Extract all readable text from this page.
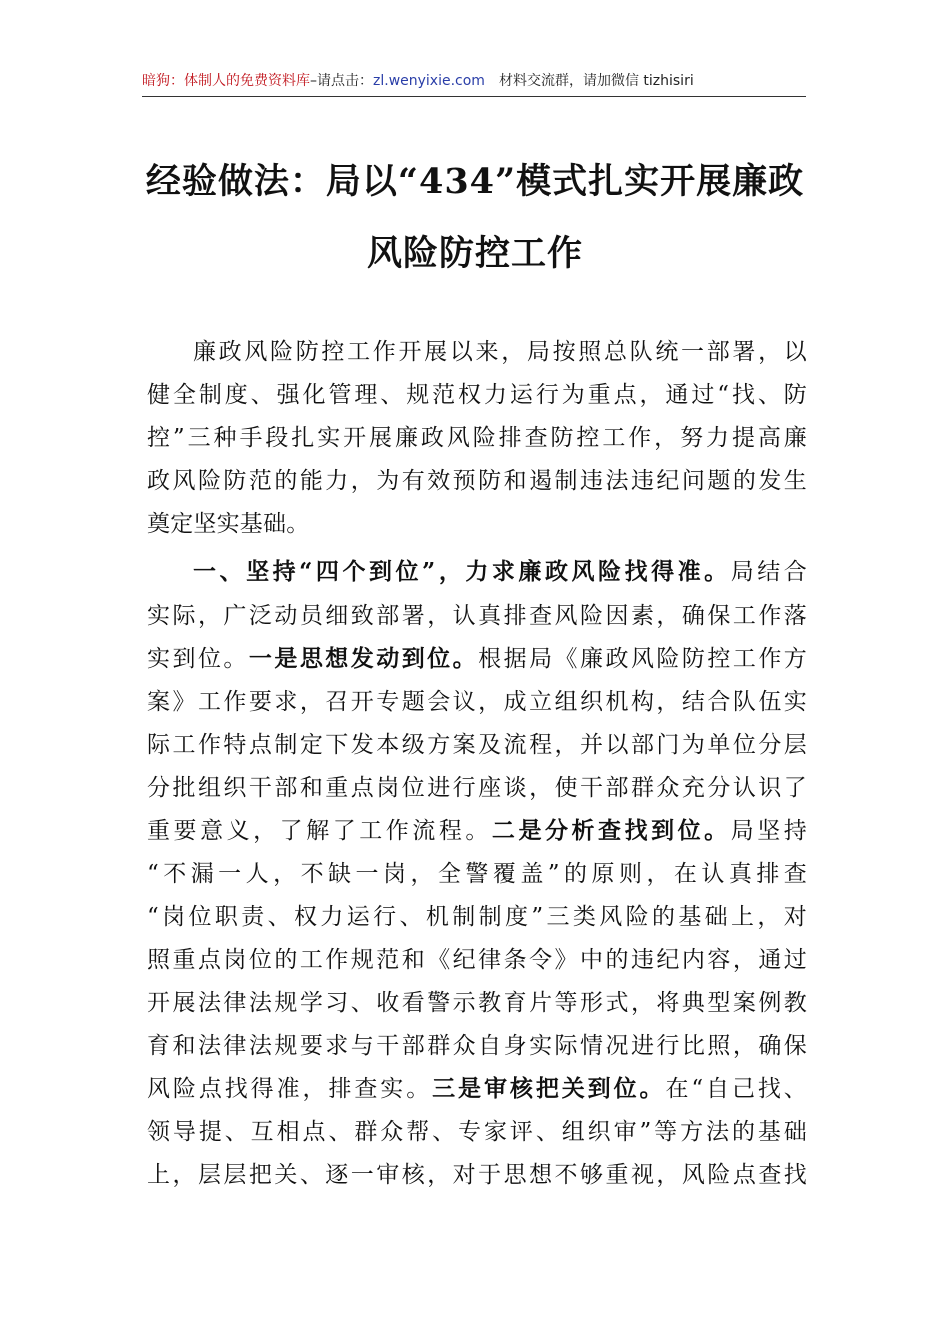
暗狗：体制人的免费资料库–请点击：zl.wenyixie.com 材料交流群，请加微信 tizhisiri
经验做法：局以“434”模式扎实开展廉政
风险防控工作
廉政风险防控工作开展以来，局按照总队统一部署，以
健全制度、强化管理、规范权力运行为重点，通过“找、防
控”三种手段扎实开展廉政风险排查防控工作，努力提高廉
政风险防范的能力，为有效预防和遏制违法违纪问题的发生
奠定坚实基础。
一、坚持“四个到位”，力求廉政风险找得准。局结合
实际，广泛动员细致部署，认真排查风险因素，确保工作落
实到位。一是思想发动到位。根据局《廉政风险防控工作方
案》工作要求，召开专题会议，成立组织机构，结合队伍实
际工作特点制定下发本级方案及流程，并以部门为单位分层
分批组织干部和重点岗位进行座谈，使干部群众充分认识了
重要意义，了解了工作流程。二是分析查找到位。局坚持
“不漏一人，不缺一岗，全警覆盖”的原则，在认真排查
“岗位职责、权力运行、机制制度”三类风险的基础上，对
照重点岗位的工作规范和《纪律条令》中的违纪内容，通过
开展法律法规学习、收看警示教育片等形式，将典型案例教
育和法律法规要求与干部群众自身实际情况进行比照，确保
风险点找得准，排查实。三是审核把关到位。在“自己找、
领导提、互相点、群众帮、专家评、组织审”等方法的基础
上，层层把关、逐一审核，对于思想不够重视，风险点查找
